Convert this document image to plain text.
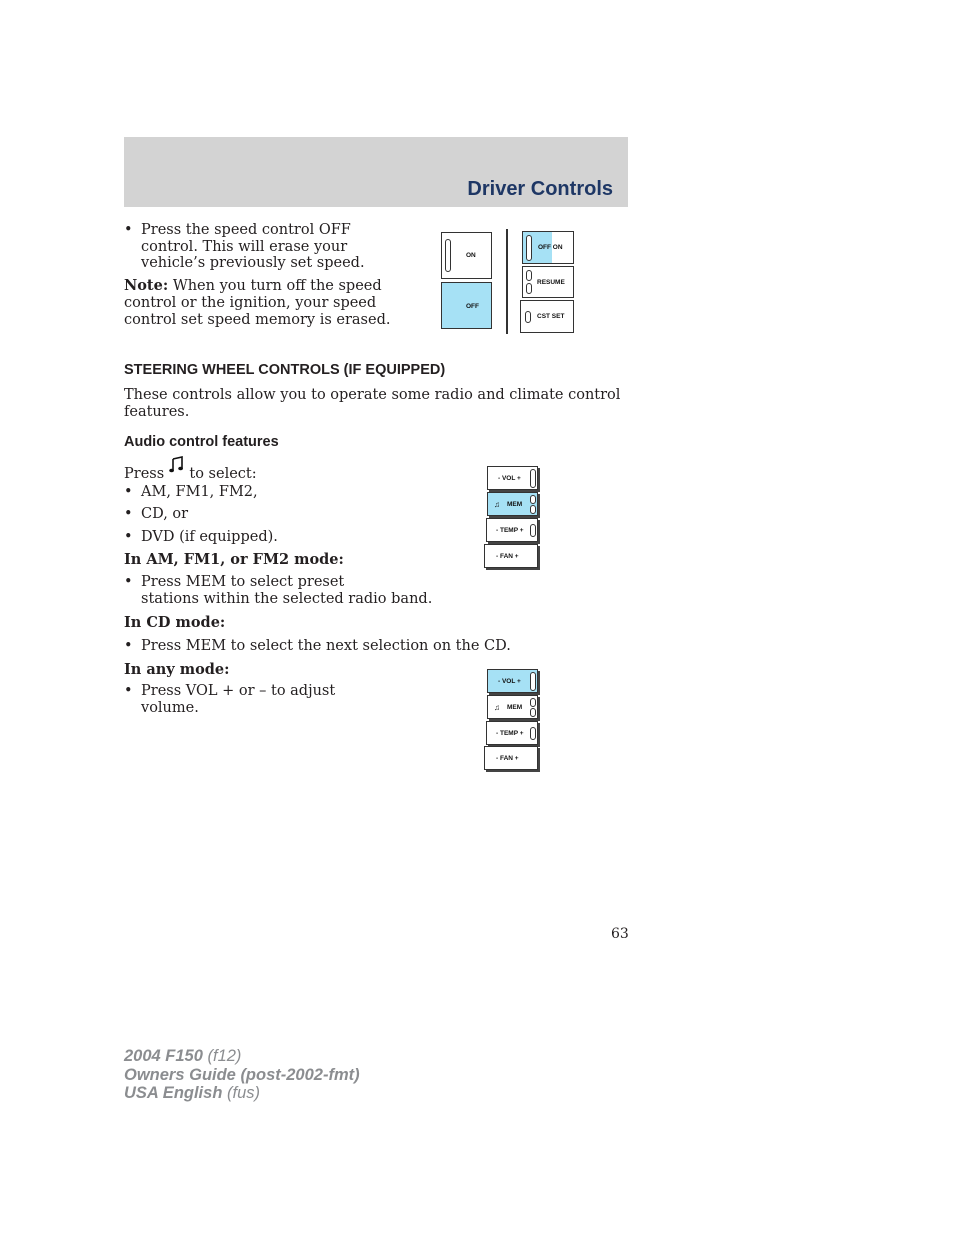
Driver Controls
• Press the speed control OFF
control. This will erase your
vehicle’s previously set speed.
Note: When you turn off the speed
control or the ignition, your speed
control set speed memory is erased.
ON
OFF
OFF ON
RESUME
CST SET
STEERING WHEEL CONTROLS (IF EQUIPPED)
These controls allow you to operate some radio and climate control
features.
Audio control features
Press to select:
• AM, FM1, FM2,
• CD, or
• DVD (if equipped).
In AM, FM1, or FM2 mode:
• Press MEM to select preset
stations within the selected radio band.
In CD mode:
• Press MEM to select the next selection on the CD.
In any mode:
• Press VOL + or – to adjust
volume.
- VOL +
♫ MEM
- TEMP +
- FAN +
- VOL +
♫ MEM
- TEMP +
- FAN +
63
2004 F150 (f12)
Owners Guide (post-2002-fmt)
USA English (fus)
